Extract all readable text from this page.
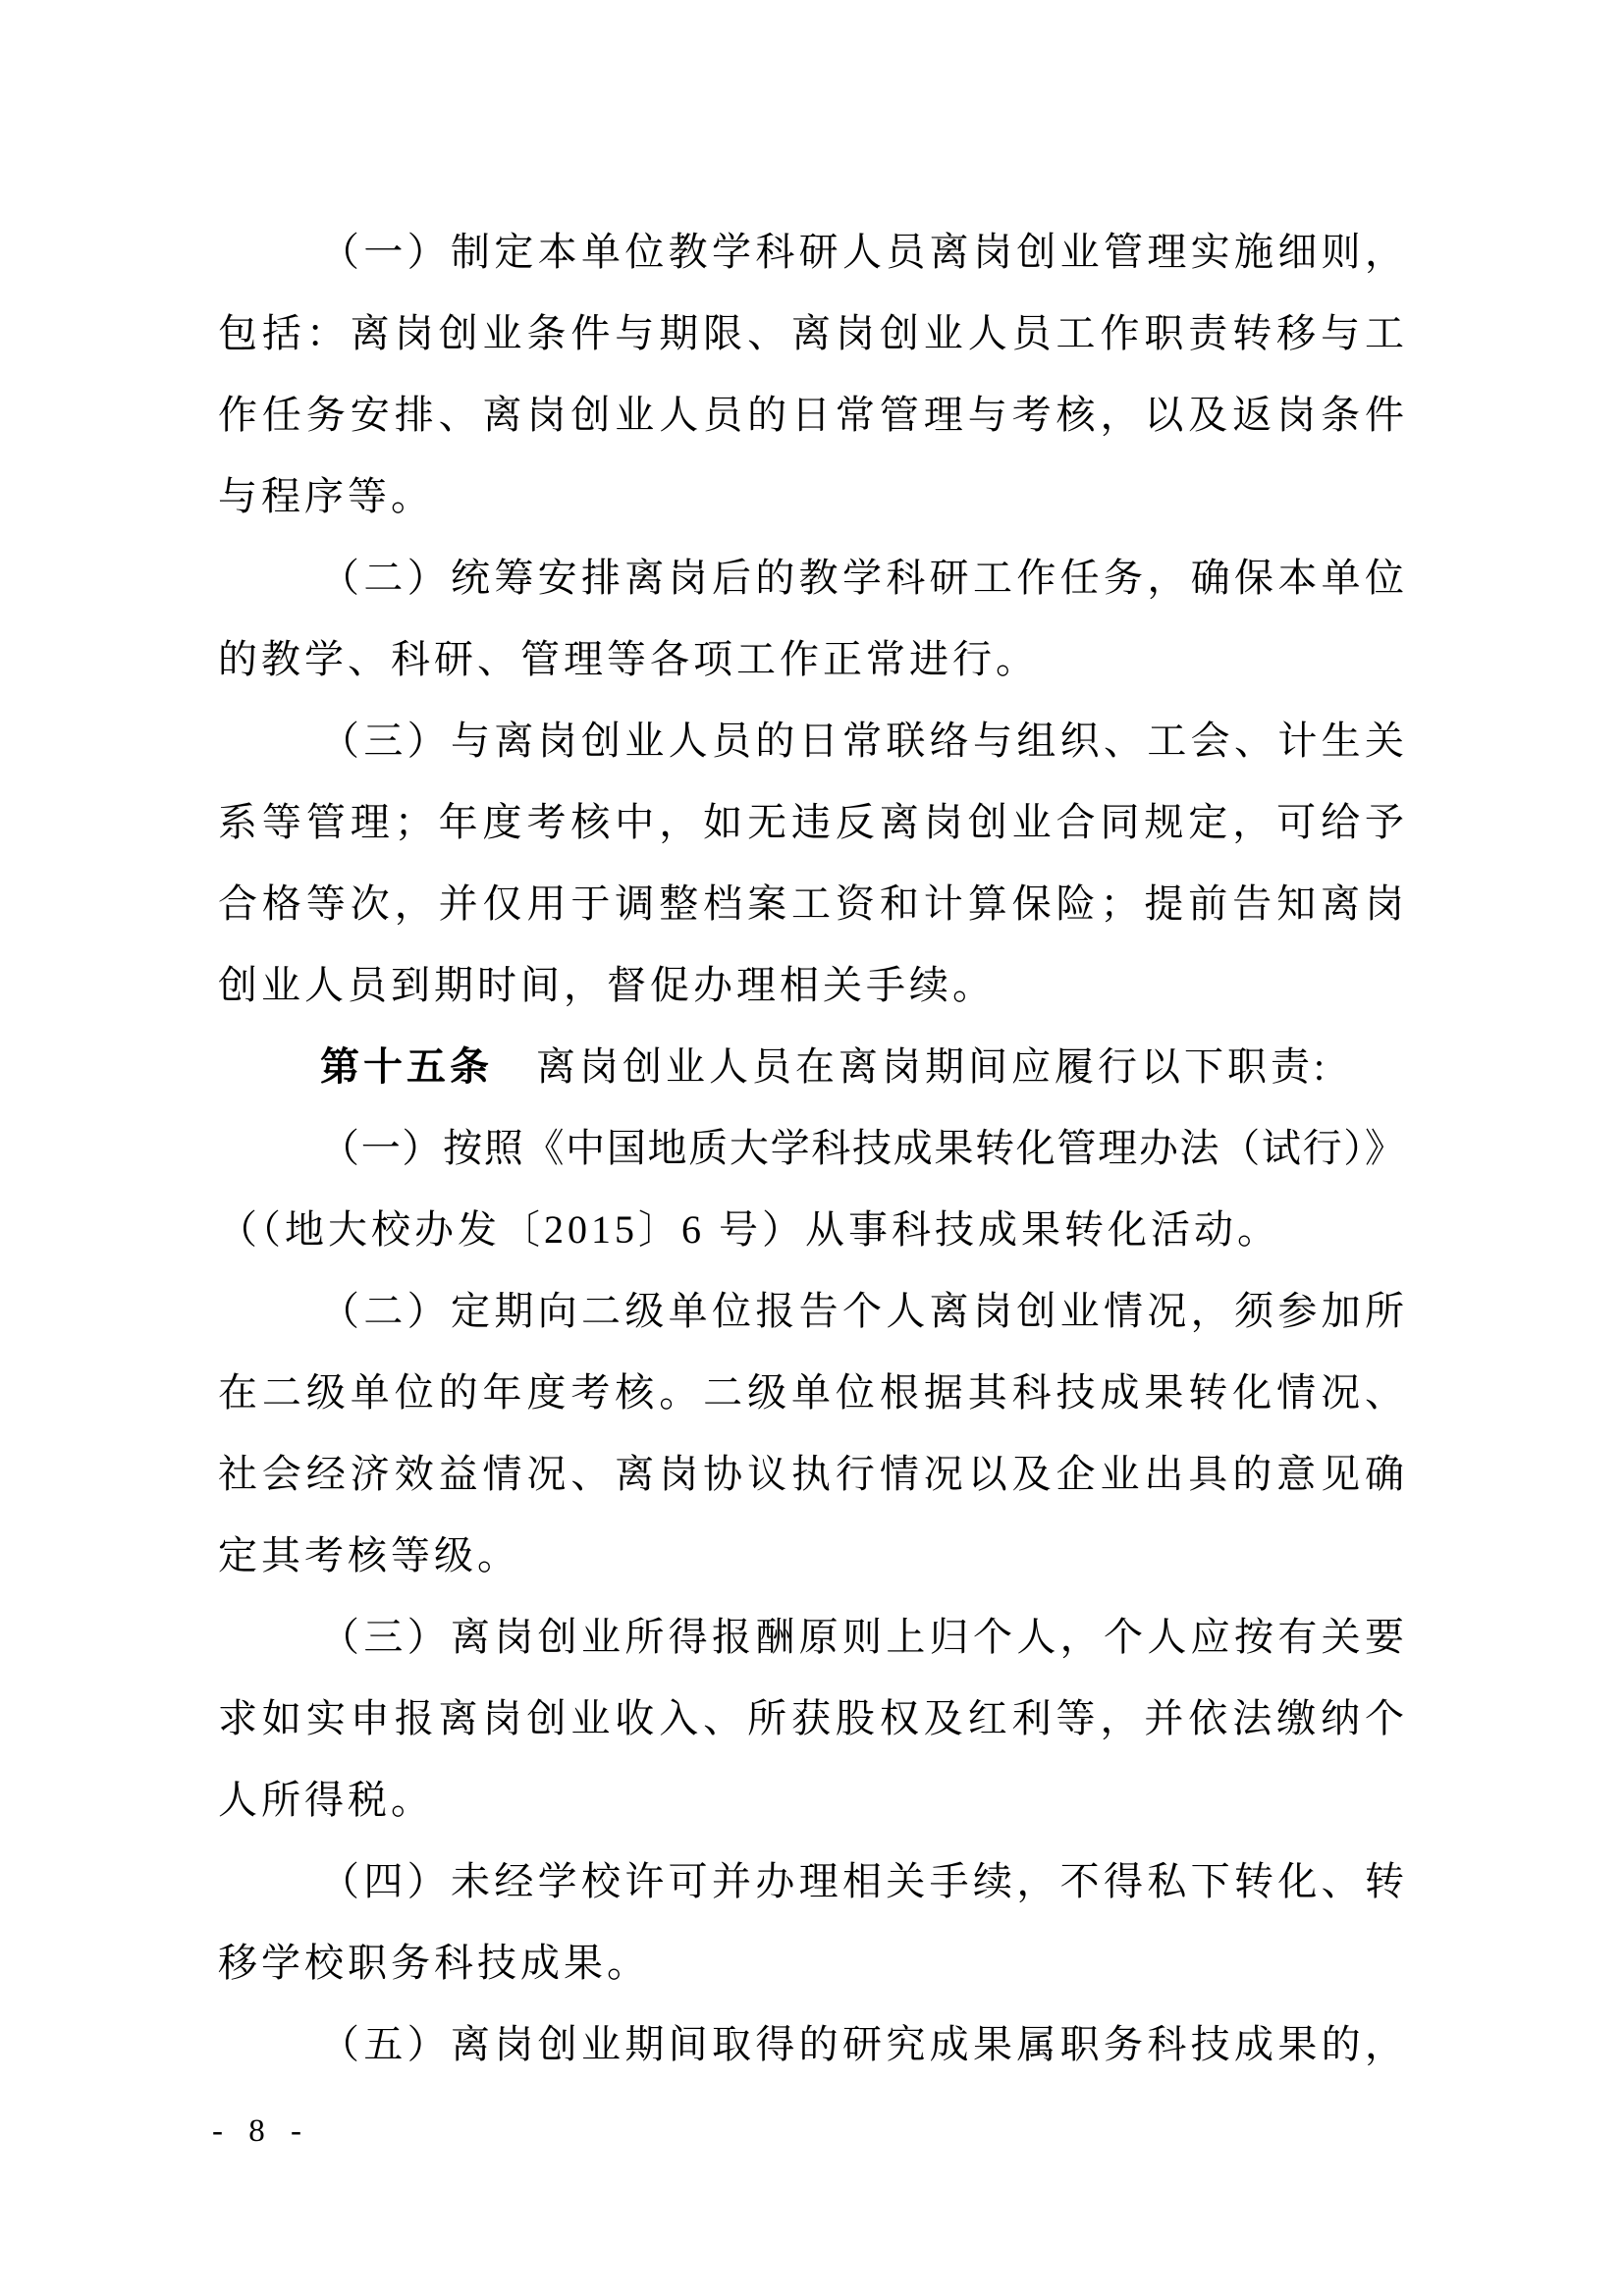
（一）制定本单位教学科研人员离岗创业管理实施细则，
包括：离岗创业条件与期限、离岗创业人员工作职责转移与工
作任务安排、离岗创业人员的日常管理与考核，以及返岗条件
与程序等。
（二）统筹安排离岗后的教学科研工作任务，确保本单位
的教学、科研、管理等各项工作正常进行。
（三）与离岗创业人员的日常联络与组织、工会、计生关
系等管理；年度考核中，如无违反离岗创业合同规定，可给予
合格等次，并仅用于调整档案工资和计算保险；提前告知离岗
创业人员到期时间，督促办理相关手续。
第十五条　离岗创业人员在离岗期间应履行以下职责:
（一）按照《中国地质大学科技成果转化管理办法（试行）》
（（地大校办发〔2015〕6 号）从事科技成果转化活动。
（二）定期向二级单位报告个人离岗创业情况，须参加所
在二级单位的年度考核。二级单位根据其科技成果转化情况、
社会经济效益情况、离岗协议执行情况以及企业出具的意见确
定其考核等级。
（三）离岗创业所得报酬原则上归个人，个人应按有关要
求如实申报离岗创业收入、所获股权及红利等，并依法缴纳个
人所得税。
（四）未经学校许可并办理相关手续，不得私下转化、转
移学校职务科技成果。
（五）离岗创业期间取得的研究成果属职务科技成果的，
- 8 -
